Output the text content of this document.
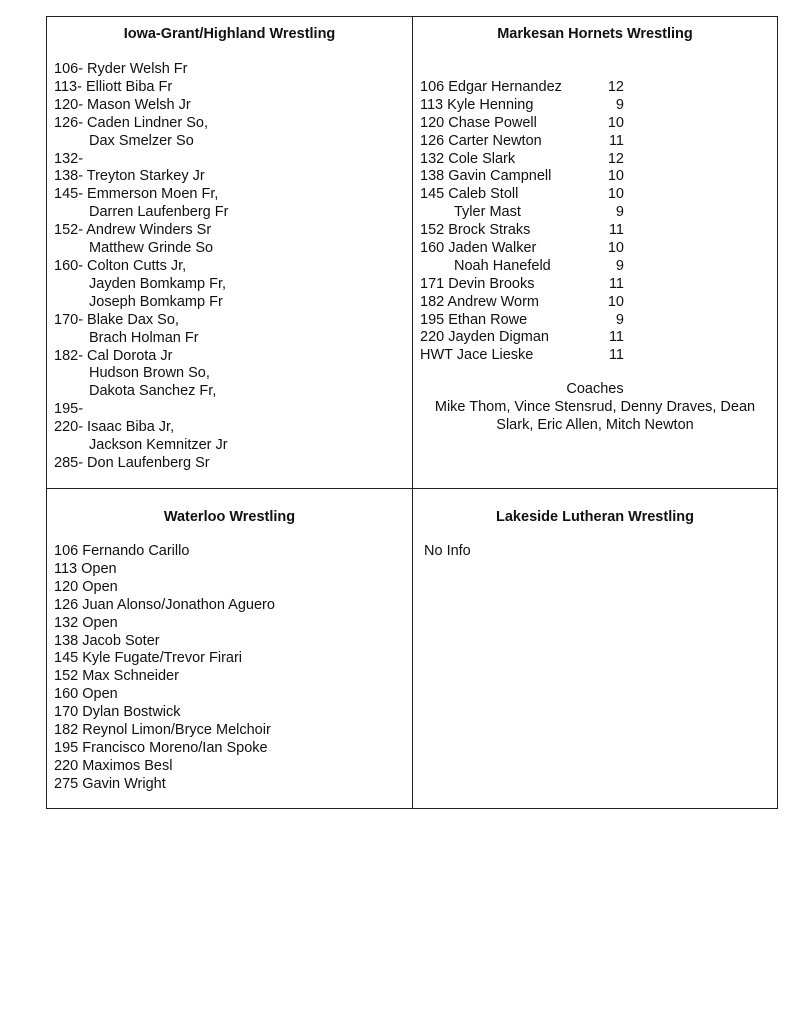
Iowa-Grant/Highland Wrestling
106- Ryder Welsh Fr
113- Elliott Biba Fr
120- Mason Welsh Jr
126- Caden Lindner So,
Dax Smelzer So
132-
138- Treyton Starkey Jr
145- Emmerson Moen Fr,
Darren Laufenberg Fr
152- Andrew Winders Sr
Matthew Grinde So
160- Colton Cutts Jr,
Jayden Bomkamp Fr,
Joseph Bomkamp Fr
170- Blake Dax So,
Brach Holman Fr
182- Cal Dorota Jr
Hudson Brown So,
Dakota Sanchez Fr,
195-
220- Isaac Biba Jr,
Jackson Kemnitzer Jr
285- Don Laufenberg Sr
Markesan Hornets Wrestling
106 Edgar Hernandez	12
113 Kyle Henning	9
120 Chase Powell	10
126 Carter Newton	11
132 Cole Slark	12
138 Gavin Campnell	10
145 Caleb Stoll	10
Tyler Mast	9
152 Brock Straks	11
160 Jaden Walker	10
Noah Hanefeld	9
171 Devin Brooks	11
182 Andrew Worm	10
195 Ethan Rowe	9
220 Jayden Digman	11
HWT Jace Lieske	11
Coaches
Mike Thom, Vince Stensrud, Denny Draves, Dean Slark, Eric Allen, Mitch Newton
Waterloo Wrestling
106 Fernando Carillo
113 Open
120 Open
126 Juan Alonso/Jonathon Aguero
132 Open
138 Jacob Soter
145 Kyle Fugate/Trevor Firari
152 Max Schneider
160 Open
170 Dylan Bostwick
182 Reynol Limon/Bryce Melchoir
195 Francisco Moreno/Ian Spoke
220 Maximos Besl
275 Gavin Wright
Lakeside Lutheran Wrestling
No Info
